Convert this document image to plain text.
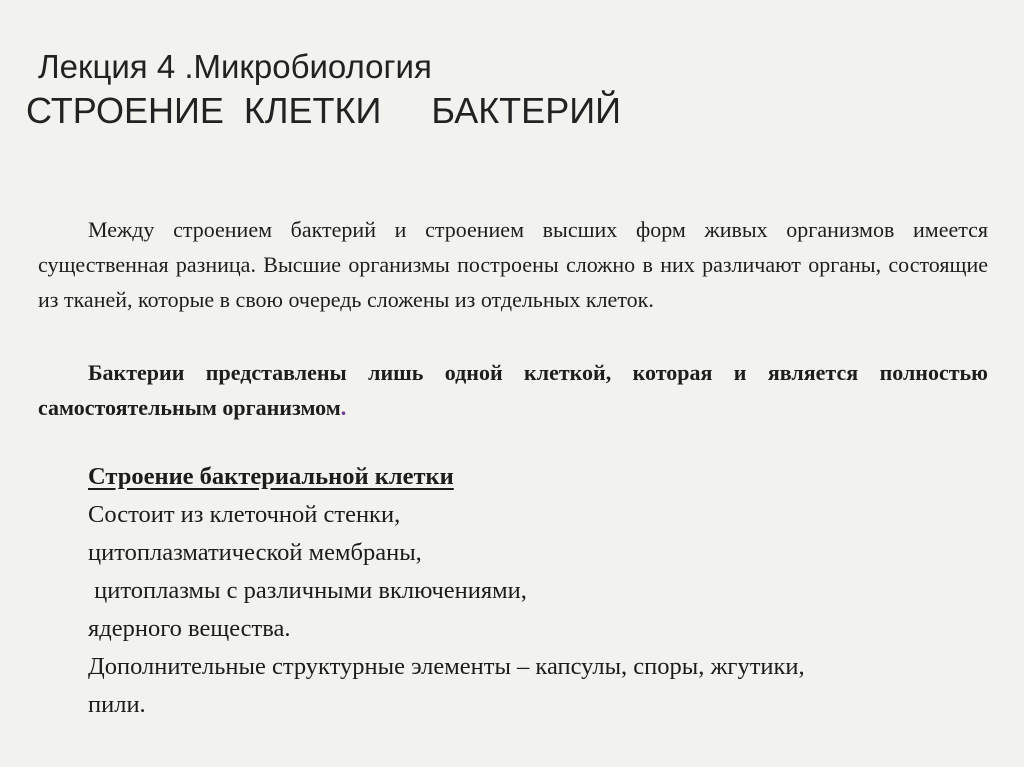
Лекция 4 .Микробиология
СТРОЕНИЕ  КЛЕТКИ     БАКТЕРИЙ

Между строением бактерий и строением высших форм живых организмов имеется существенная разница. Высшие организмы построены сложно в них различают органы, состоящие из тканей, которые в свою очередь сложены из отдельных клеток.

Бактерии представлены лишь одной клеткой, которая и является полностью самостоятельным организмом.

Строение бактериальной клетки
Состоит из клеточной стенки,
цитоплазматической мембраны,
цитоплазмы с различными включениями,
ядерного вещества.
Дополнительные структурные элементы – капсулы, споры, жгутики,
пили.
